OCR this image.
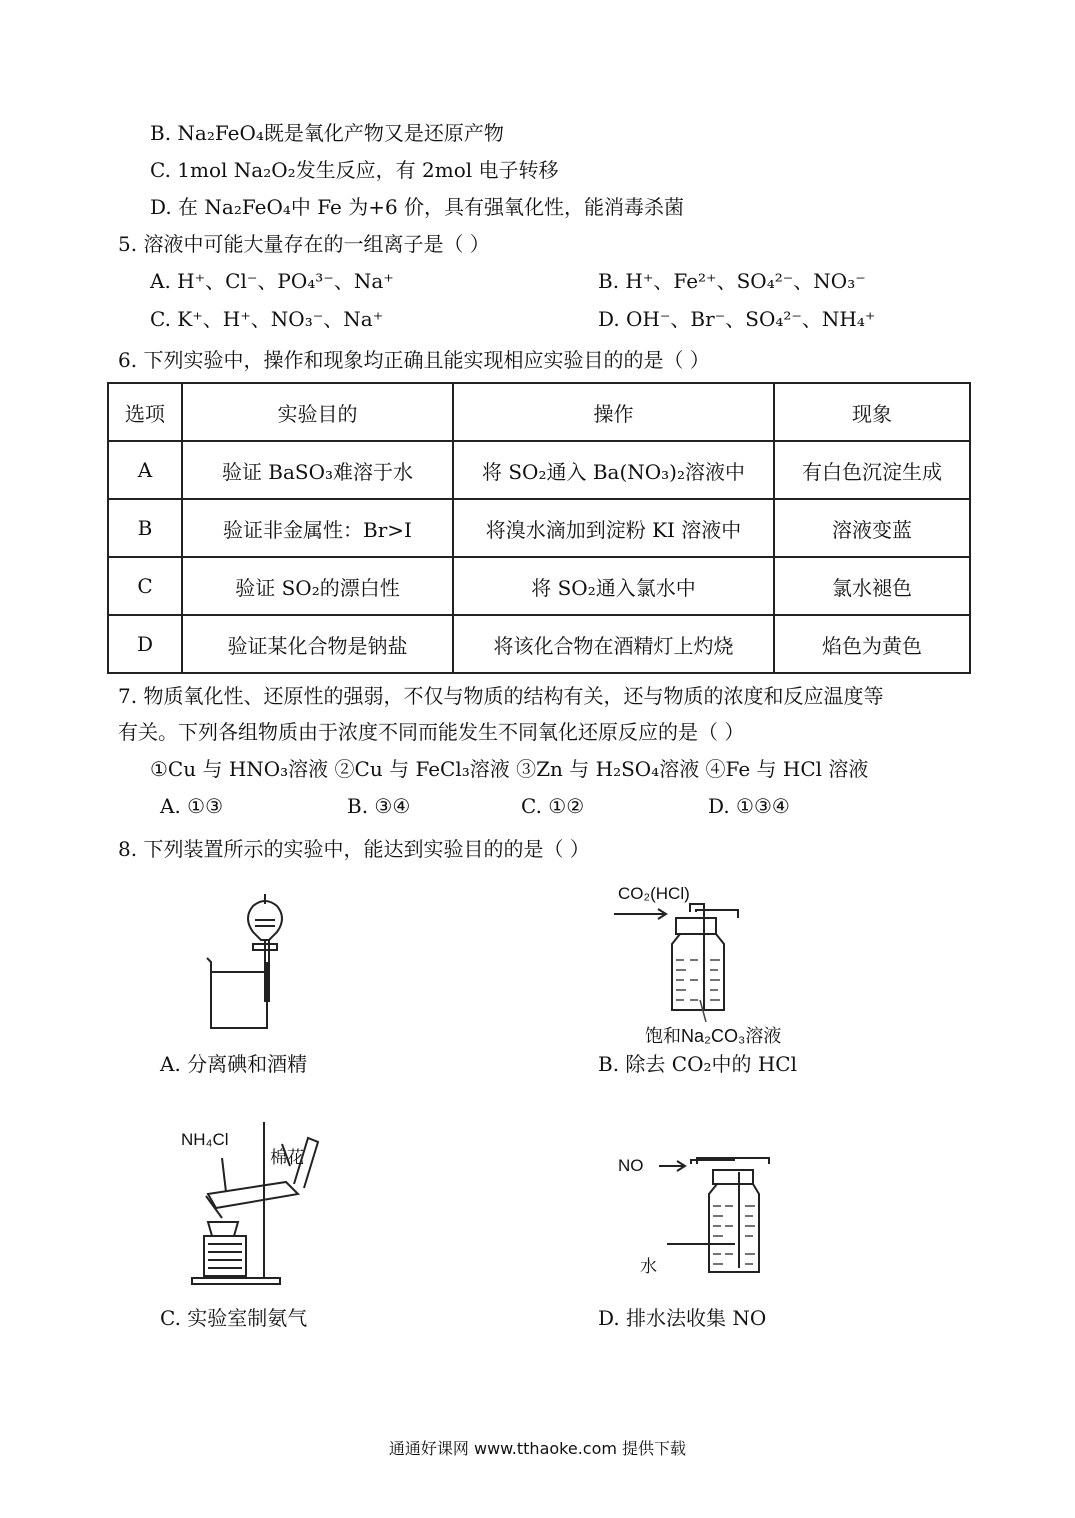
B. Na₂FeO₄既是氧化产物又是还原产物
C. 1mol Na₂O₂发生反应，有 2mol 电子转移
D. 在 Na₂FeO₄中 Fe 为+6 价，具有强氧化性，能消毒杀菌
5. 溶液中可能大量存在的一组离子是（ ）
A. H⁺、Cl⁻、PO₄³⁻、Na⁺	B. H⁺、Fe²⁺、SO₄²⁻、NO₃⁻
C. K⁺、H⁺、NO₃⁻、Na⁺	D. OH⁻、Br⁻、SO₄²⁻、NH₄⁺
6. 下列实验中，操作和现象均正确且能实现相应实验目的的是（ ）
选项	实验目的	操作	现象
A	验证 BaSO₃难溶于水	将 SO₂通入 Ba(NO₃)₂溶液中	有白色沉淀生成
B	验证非金属性：Br>I	将溴水滴加到淀粉 KI 溶液中	溶液变蓝
C	验证 SO₂的漂白性	将 SO₂通入氯水中	氯水褪色
D	验证某化合物是钠盐	将该化合物在酒精灯上灼烧	焰色为黄色
7. 物质氧化性、还原性的强弱，不仅与物质的结构有关，还与物质的浓度和反应温度等
有关。下列各组物质由于浓度不同而能发生不同氧化还原反应的是（ ）
①Cu 与 HNO₃溶液 ②Cu 与 FeCl₃溶液 ③Zn 与 H₂SO₄溶液 ④Fe 与 HCl 溶液
A. ①③	B. ③④	C. ①②	D. ①③④
8. 下列装置所示的实验中，能达到实验目的的是（ ）
A. 分离碘和酒精
CO₂(HCl)
饱和Na₂CO₃溶液
B. 除去 CO₂中的 HCl
NH₄Cl
棉花
C. 实验室制氨气
NO
水
D. 排水法收集 NO
通通好课网 www.tthaoke.com 提供下载
